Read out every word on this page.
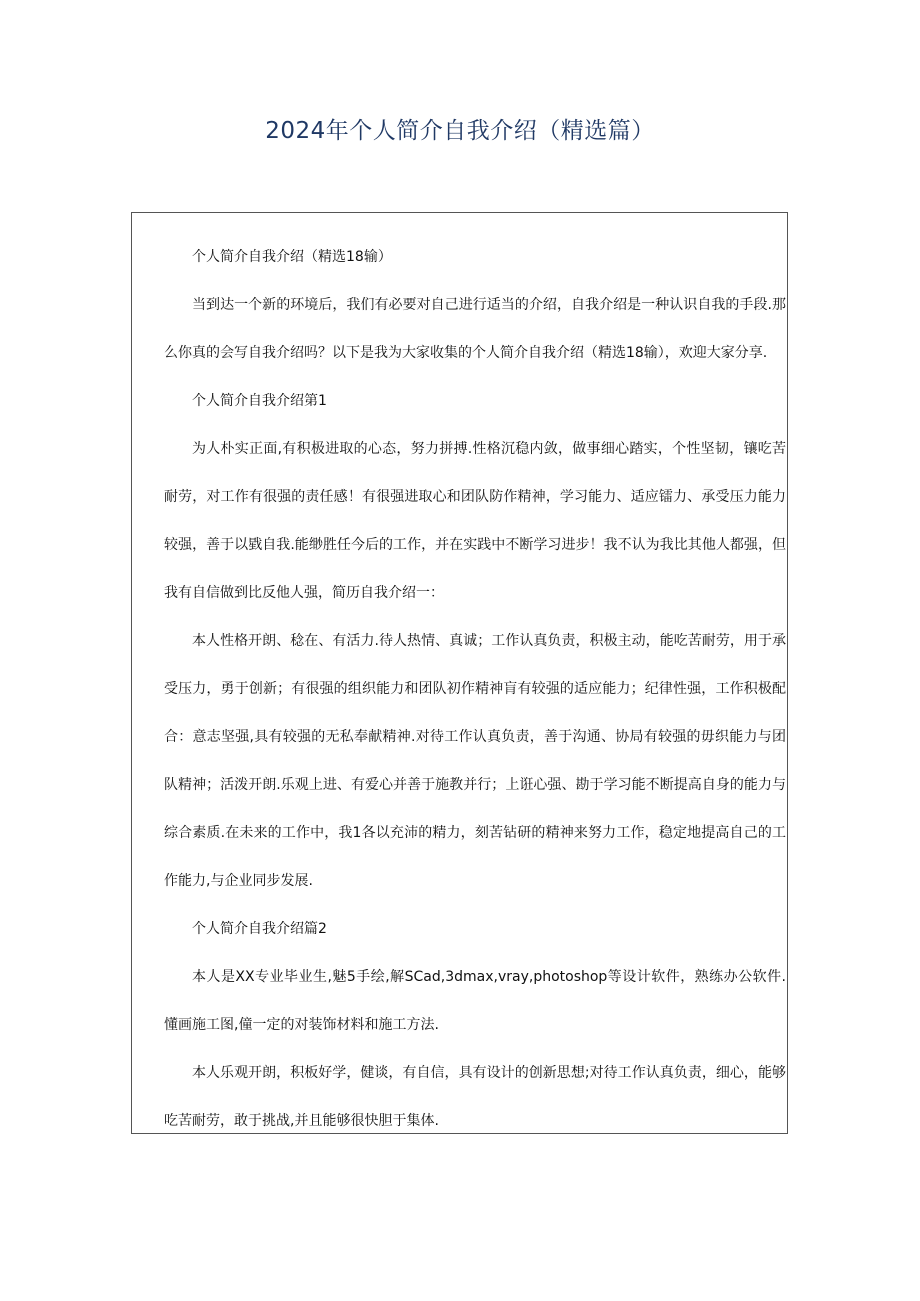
2024年个人简介自我介绍（精选篇）

个人简介自我介绍（精选18输）

当到达一个新的环境后，我们有必要对自己进行适当的介绍，自我介绍是一种认识自我的手段.那么你真的会写自我介绍吗？以下是我为大家收集的个人简介自我介绍（精选18输），欢迎大家分享.

个人简介自我介绍第1

为人朴实正面,有积极进取的心态，努力拼搏.性格沉稳内敛，做事细心踏实，个性坚韧，镶吃苦耐劳，对工作有很强的责任感！有很强进取心和团队防作精神，学习能力、适应镭力、承受压力能力较强，善于以戥自我.能缈胜任今后的工作，并在实践中不断学习进步！我不认为我比其他人都强，但我有自信做到比反他人强，简历自我介绍一：

本人性格开朗、稔在、有活力.待人热情、真诚；工作认真负责，积极主动，能吃苦耐劳，用于承受压力，勇于创新；有很强的组织能力和团队初作精神肓有较强的适应能力；纪律性强，工作积极配合：意志坚强,具有较强的无私奉献精神.对待工作认真负责，善于沟通、协局有较强的毋织能力与团队精神；活泼开朗.乐观上进、有爱心并善于施教并行；上诳心强、勘于学习能不断提高自身的能力与综合素质.在未来的工作中，我1各以充沛的精力，刻苦钻研的精神来努力工作，稳定地提高自己的工作能力,与企业同步发展.

个人简介自我介绍篇2

本人是XX专业毕业生,魅5手绘,解SCad,3dmax,vray,photoshop等设计软件，熟练办公软件.懂画施工图,僮一定的对装饰材料和施工方法.

本人乐观开朗，积板好学，健谈，有自信，具有设计的创新思想;对待工作认真负责，细心，能够吃苦耐劳，敢于挑战,并且能够很快胆于集体.
